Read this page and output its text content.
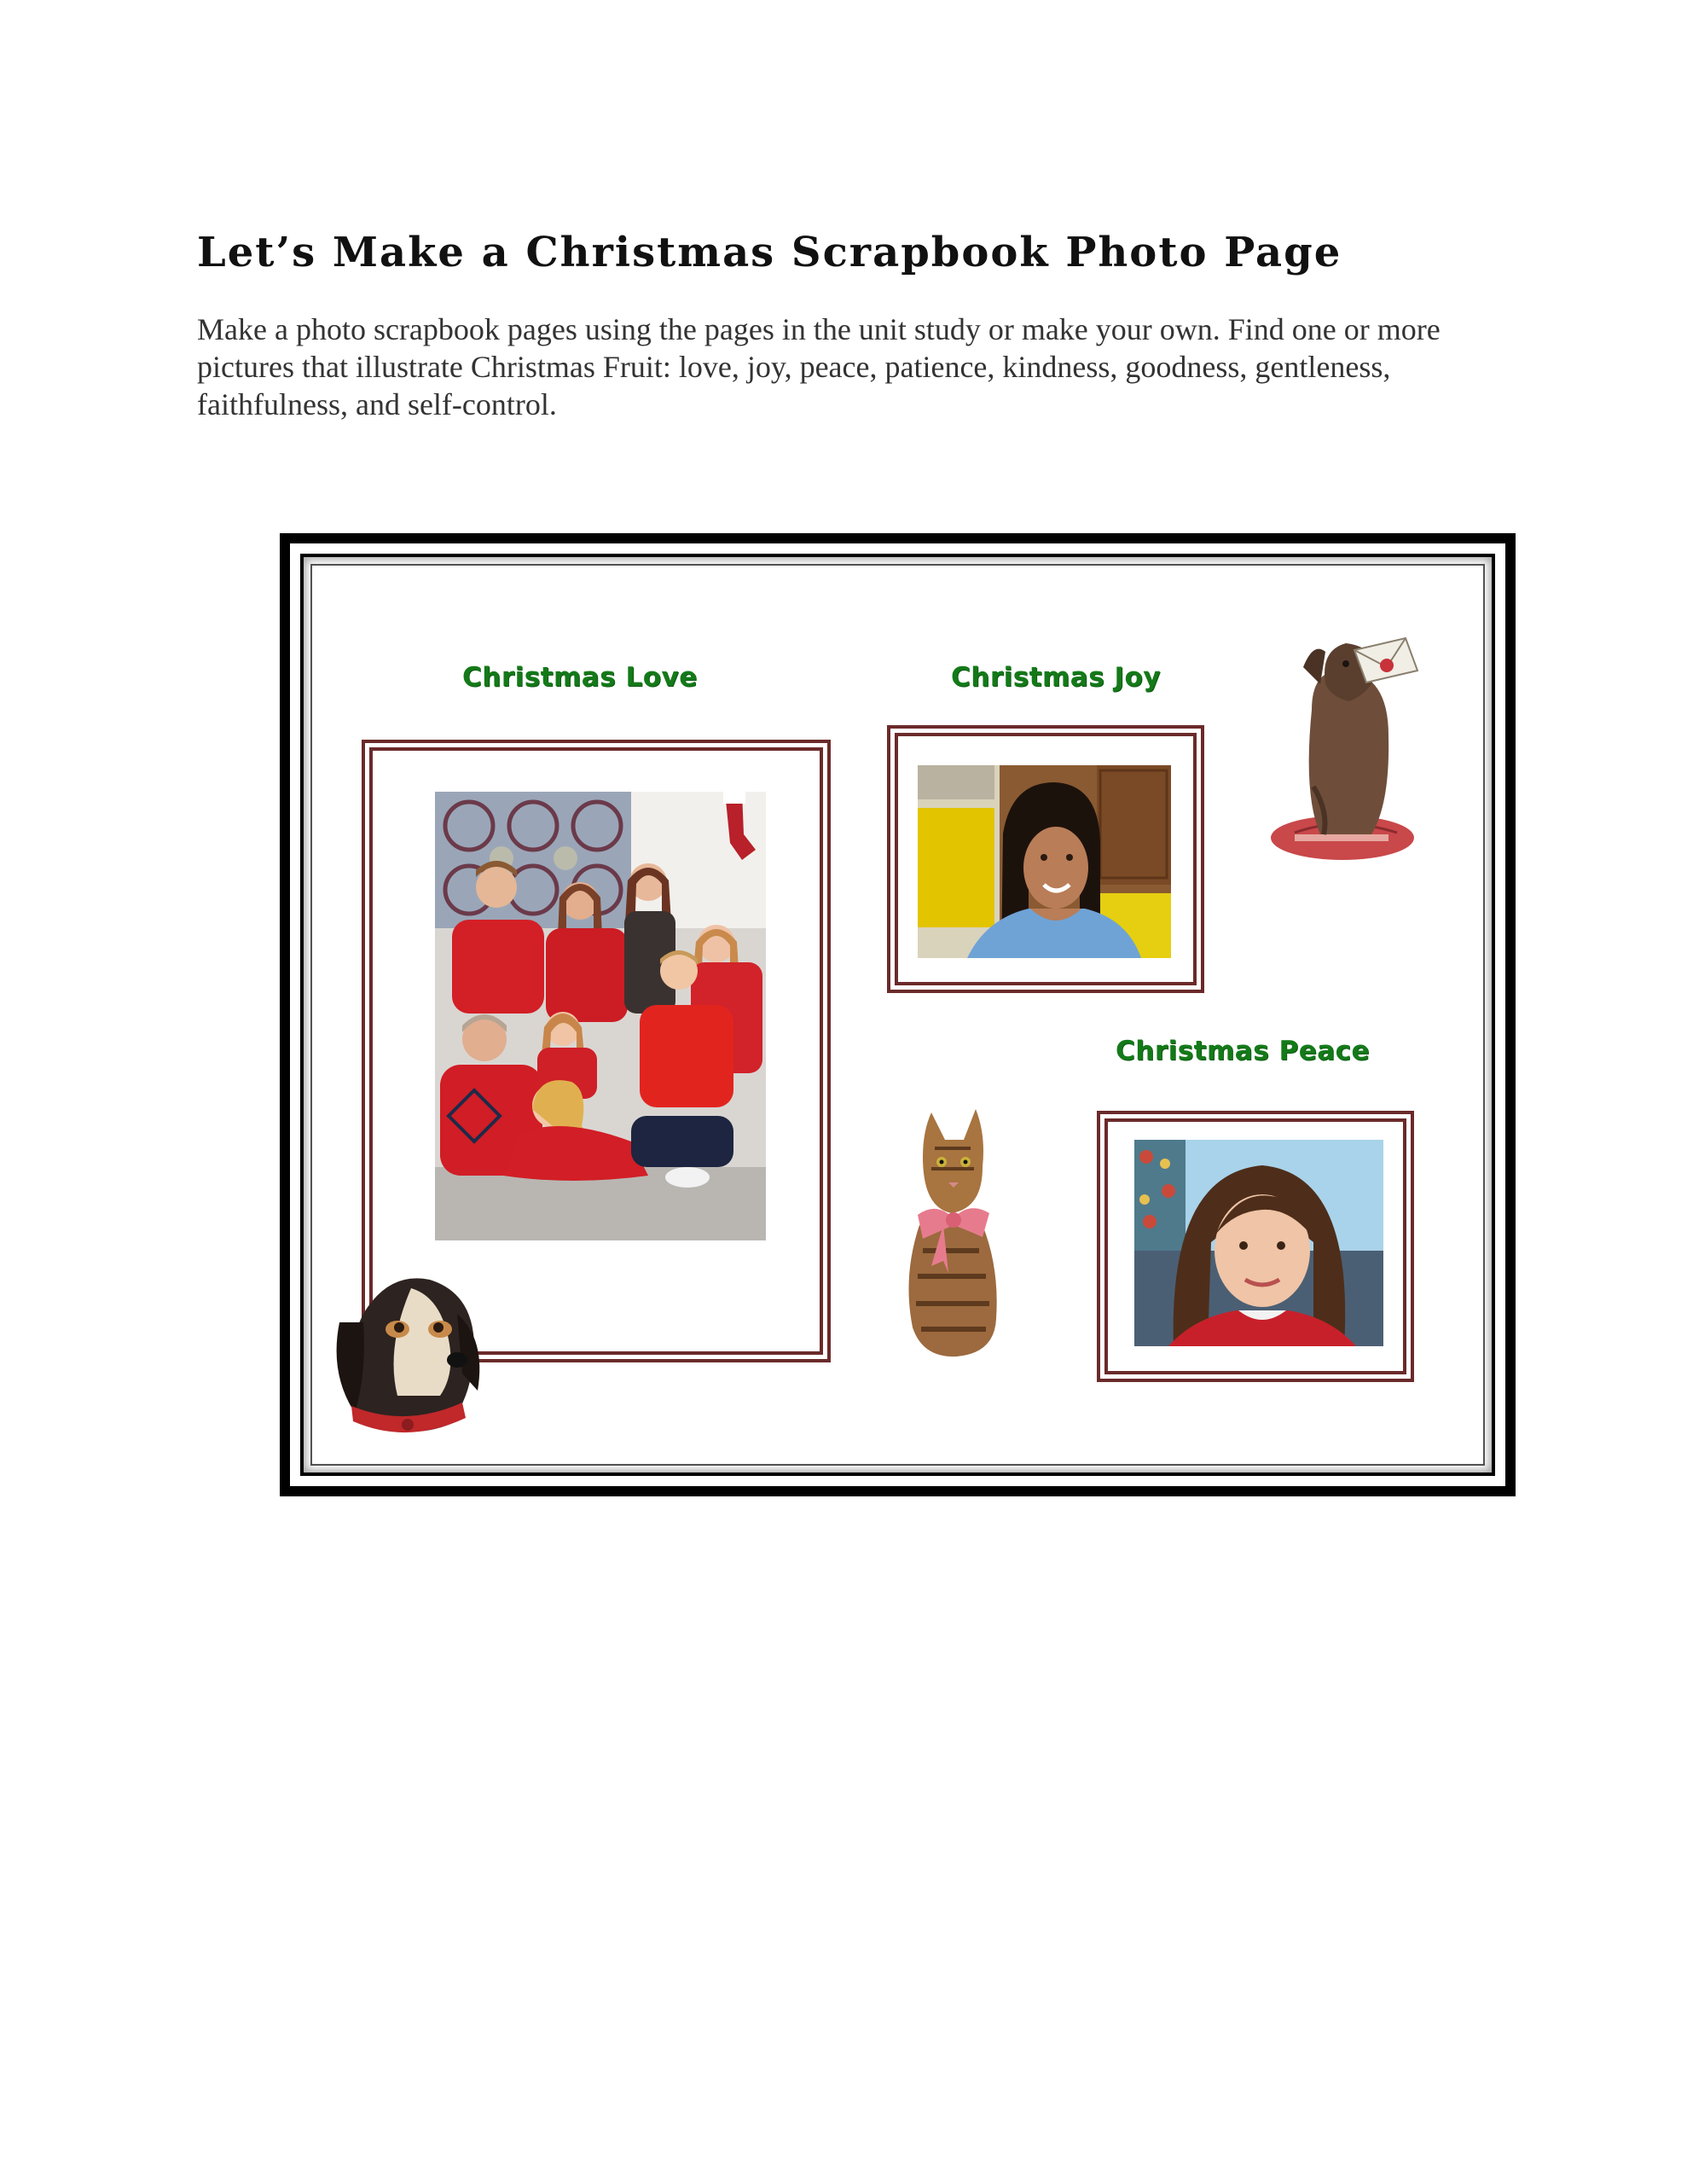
Let’s Make a Christmas Scrapbook Photo Page

Make a photo scrapbook pages using the pages in the unit study or make your own. Find one or more pictures that illustrate Christmas Fruit: love, joy, peace, patience, kindness, goodness, gentleness, faithfulness, and self-control.

Christmas Love	Christmas Joy
Christmas Peace
